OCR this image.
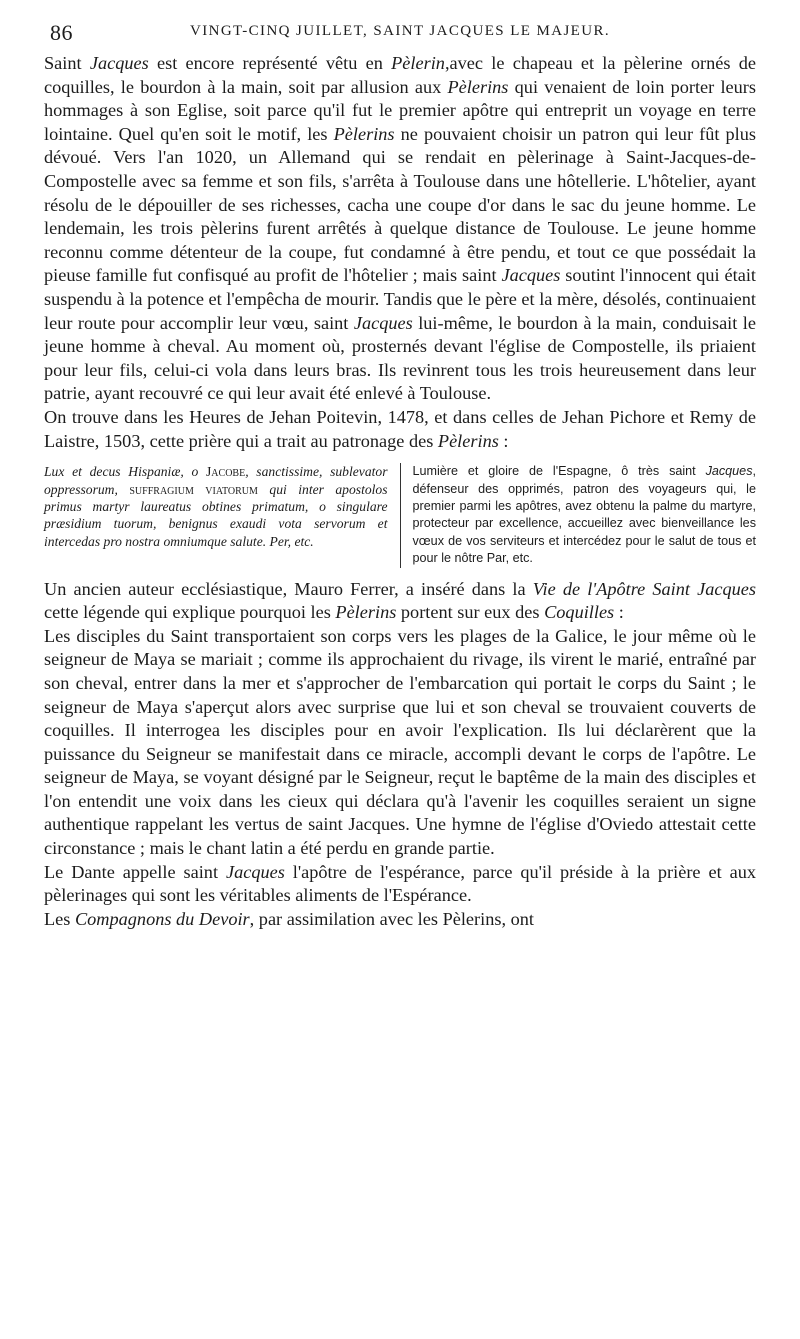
86	VINGT-CINQ JUILLET, SAINT JACQUES LE MAJEUR.

Saint Jacques est encore représenté vêtu en Pèlerin,avec le chapeau et la pèlerine ornés de coquilles, le bourdon à la main, soit par allusion aux Pèlerins qui venaient de loin porter leurs hommages à son Eglise, soit parce qu'il fut le premier apôtre qui entreprit un voyage en terre lointaine. Quel qu'en soit le motif, les Pèlerins ne pouvaient choisir un patron qui leur fût plus dévoué. Vers l'an 1020, un Allemand qui se rendait en pèlerinage à Saint-Jacques-de-Compostelle avec sa femme et son fils, s'arrêta à Toulouse dans une hôtellerie. L'hôtelier, ayant résolu de le dépouiller de ses richesses, cacha une coupe d'or dans le sac du jeune homme. Le lendemain, les trois pèlerins furent arrêtés à quelque distance de Toulouse. Le jeune homme reconnu comme détenteur de la coupe, fut condamné à être pendu, et tout ce que possédait la pieuse famille fut confisqué au profit de l'hôtelier ; mais saint Jacques soutint l'innocent qui était suspendu à la potence et l'empêcha de mourir. Tandis que le père et la mère, désolés, continuaient leur route pour accomplir leur vœu, saint Jacques lui-même, le bourdon à la main, conduisait le jeune homme à cheval. Au moment où, prosternés devant l'église de Compostelle, ils priaient pour leur fils, celui-ci vola dans leurs bras. Ils revinrent tous les trois heureusement dans leur patrie, ayant recouvré ce qui leur avait été enlevé à Toulouse.

On trouve dans les Heures de Jehan Poitevin, 1478, et dans celles de Jehan Pichore et Remy de Laistre, 1503, cette prière qui a trait au patronage des Pèlerins :

Lux et decus Hispaniæ, o Jacobe, sanctissime, sublevator oppressorum, suffragium viatorum qui inter apostolos primus martyr laureatus obtines primatum, o singulare præsidium tuorum, benignus exaudi vota servorum et intercedas pro nostra omniumque salute. Per, etc.
Lumière et gloire de l'Espagne, ô très saint Jacques, défenseur des opprimés, patron des voyageurs qui, le premier parmi les apôtres, avez obtenu la palme du martyre, protecteur par excellence, accueillez avec bienveillance les vœux de vos serviteurs et intercédez pour le salut de tous et pour le nôtre Par, etc.

Un ancien auteur ecclésiastique, Mauro Ferrer, a inséré dans la Vie de l'Apôtre Saint Jacques cette légende qui explique pourquoi les Pèlerins portent sur eux des Coquilles :

Les disciples du Saint transportaient son corps vers les plages de la Galice, le jour même où le seigneur de Maya se mariait ; comme ils approchaient du rivage, ils virent le marié, entraîné par son cheval, entrer dans la mer et s'approcher de l'embarcation qui portait le corps du Saint ; le seigneur de Maya s'aperçut alors avec surprise que lui et son cheval se trouvaient couverts de coquilles. Il interrogea les disciples pour en avoir l'explication. Ils lui déclarèrent que la puissance du Seigneur se manifestait dans ce miracle, accompli devant le corps de l'apôtre. Le seigneur de Maya, se voyant désigné par le Seigneur, reçut le baptême de la main des disciples et l'on entendit une voix dans les cieux qui déclara qu'à l'avenir les coquilles seraient un signe authentique rappelant les vertus de saint Jacques. Une hymne de l'église d'Oviedo attestait cette circonstance ; mais le chant latin a été perdu en grande partie.

Le Dante appelle saint Jacques l'apôtre de l'espérance, parce qu'il préside à la prière et aux pèlerinages qui sont les véritables aliments de l'Espérance.

Les Compagnons du Devoir, par assimilation avec les Pèlerins, ont
